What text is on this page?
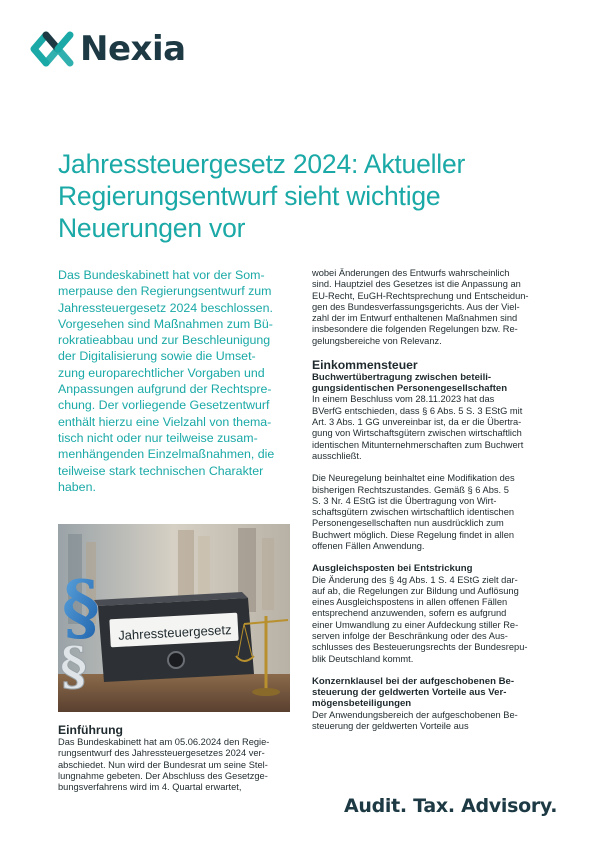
Nexia
Jahressteuergesetz 2024: Aktueller
Regierungsentwurf sieht wichtige
Neuerungen vor
Das Bundeskabinett hat vor der Som-
merpause den Regierungsentwurf zum
Jahressteuergesetz 2024 beschlossen.
Vorgesehen sind Maßnahmen zum Bü-
rokratieabbau und zur Beschleunigung
der Digitalisierung sowie die Umset-
zung europarechtlicher Vorgaben und
Anpassungen aufgrund der Rechtspre-
chung. Der vorliegende Gesetzentwurf
enthält hierzu eine Vielzahl von thema-
tisch nicht oder nur teilweise zusam-
menhängenden Einzelmaßnahmen, die
teilweise stark technischen Charakter
haben.
§
§
Jahressteuergesetz
Einführung
Das Bundeskabinett hat am 05.06.2024 den Regie-
rungsentwurf des Jahressteuergesetzes 2024 ver-
abschiedet. Nun wird der Bundesrat um seine Stel-
lungnahme gebeten. Der Abschluss des Gesetzge-
bungsverfahrens wird im 4. Quartal erwartet,
wobei Änderungen des Entwurfs wahrscheinlich
sind. Hauptziel des Gesetzes ist die Anpassung an
EU-Recht, EuGH-Rechtsprechung und Entscheidun-
gen des Bundesverfassungsgerichts. Aus der Viel-
zahl der im Entwurf enthaltenen Maßnahmen sind
insbesondere die folgenden Regelungen bzw. Re-
gelungsbereiche von Relevanz.
Einkommensteuer
Buchwertübertragung zwischen beteili-
gungsidentischen Personengesellschaften
In einem Beschluss vom 28.11.2023 hat das
BVerfG entschieden, dass § 6 Abs. 5 S. 3 EStG mit
Art. 3 Abs. 1 GG unvereinbar ist, da er die Übertra-
gung von Wirtschaftsgütern zwischen wirtschaftlich
identischen Mitunternehmerschaften zum Buchwert
ausschließt.
Die Neuregelung beinhaltet eine Modifikation des
bisherigen Rechtszustandes. Gemäß § 6 Abs. 5
S. 3 Nr. 4 EStG ist die Übertragung von Wirt-
schaftsgütern zwischen wirtschaftlich identischen
Personengesellschaften nun ausdrücklich zum
Buchwert möglich. Diese Regelung findet in allen
offenen Fällen Anwendung.
Ausgleichsposten bei Entstrickung
Die Änderung des § 4g Abs. 1 S. 4 EStG zielt dar-
auf ab, die Regelungen zur Bildung und Auflösung
eines Ausgleichspostens in allen offenen Fällen
entsprechend anzuwenden, sofern es aufgrund
einer Umwandlung zu einer Aufdeckung stiller Re-
serven infolge der Beschränkung oder des Aus-
schlusses des Besteuerungsrechts der Bundesrepu-
blik Deutschland kommt.
Konzernklausel bei der aufgeschobenen Be-
steuerung der geldwerten Vorteile aus Ver-
mögensbeteiligungen
Der Anwendungsbereich der aufgeschobenen Be-
steuerung der geldwerten Vorteile aus
Audit. Tax. Advisory.
